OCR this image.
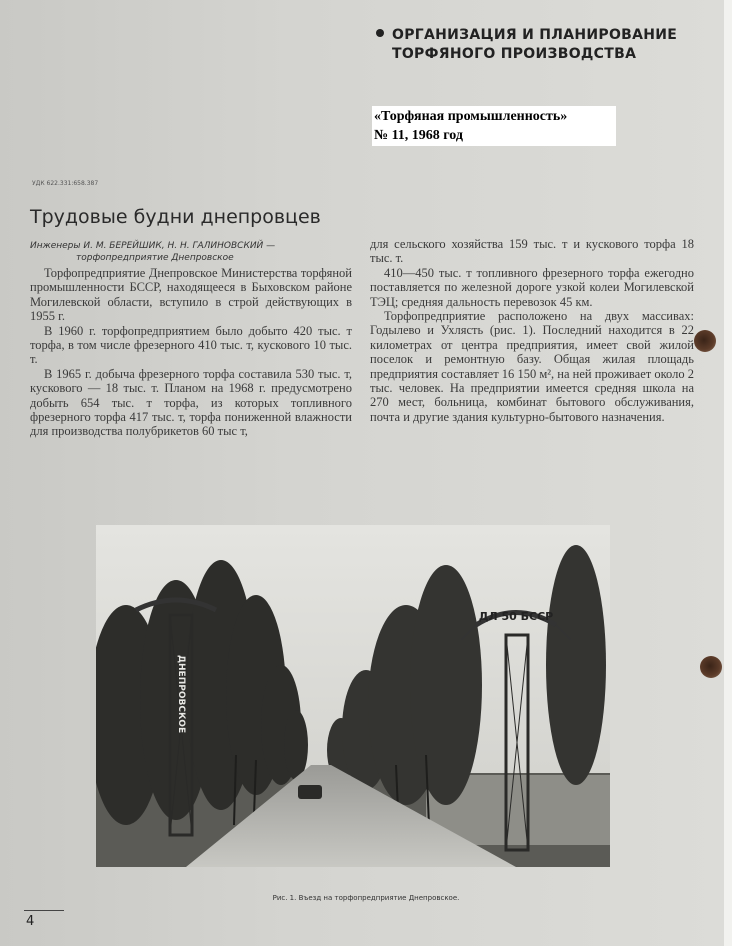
ОРГАНИЗАЦИЯ И ПЛАНИРОВАНИЕ
ТОРФЯНОГО ПРОИЗВОДСТВА
«Торфяная промышленность»
№ 11, 1968 год
УДК 622.331:658.387
Трудовые будни днепровцев
Инженеры И. М. БЕРЕЙШИК, Н. Н. ГАЛИНОВСКИЙ —
торфопредприятие Днепровское

Торфопредприятие Днепровское Министерства торфяной промышленности БССР, находящееся в Быховском районе Могилевской области, вступило в строй действующих в 1955 г.

В 1960 г. торфопредприятием было добыто 420 тыс. т торфа, в том числе фрезерного 410 тыс. т, кускового 10 тыс. т.

В 1965 г. добыча фрезерного торфа составила 530 тыс. т, кускового — 18 тыс. т. Планом на 1968 г. предусмотрено добыть 654 тыс. т торфа, из которых топливного фрезерного торфа 417 тыс. т, торфа пониженной влажности для производства полубрикетов 60 тыс т,

для сельского хозяйства 159 тыс. т и кускового торфа 18 тыс. т.

410—450 тыс. т топливного фрезерного торфа ежегодно поставляется по железной дороге узкой колеи Могилевской ТЭЦ; средняя дальность перевозок 45 км.

Торфопредприятие расположено на двух массивах: Годылево и Ухлясть (рис. 1). Последний находится в 22 километрах от центра предприятия, имеет свой жилой поселок и ремонтную базу. Общая жилая площадь предприятия составляет 16 150 м², на ней проживает около 2 тыс. человек. На предприятии имеется средняя школа на 270 мест, больница, комбинат бытового обслуживания, почта и другие здания культурно-бытового назначения.

ДНЕПРОВСКОЕ
ДЛ 50 БССР
Рис. 1. Въезд на торфопредприятие Днепровское.
4
